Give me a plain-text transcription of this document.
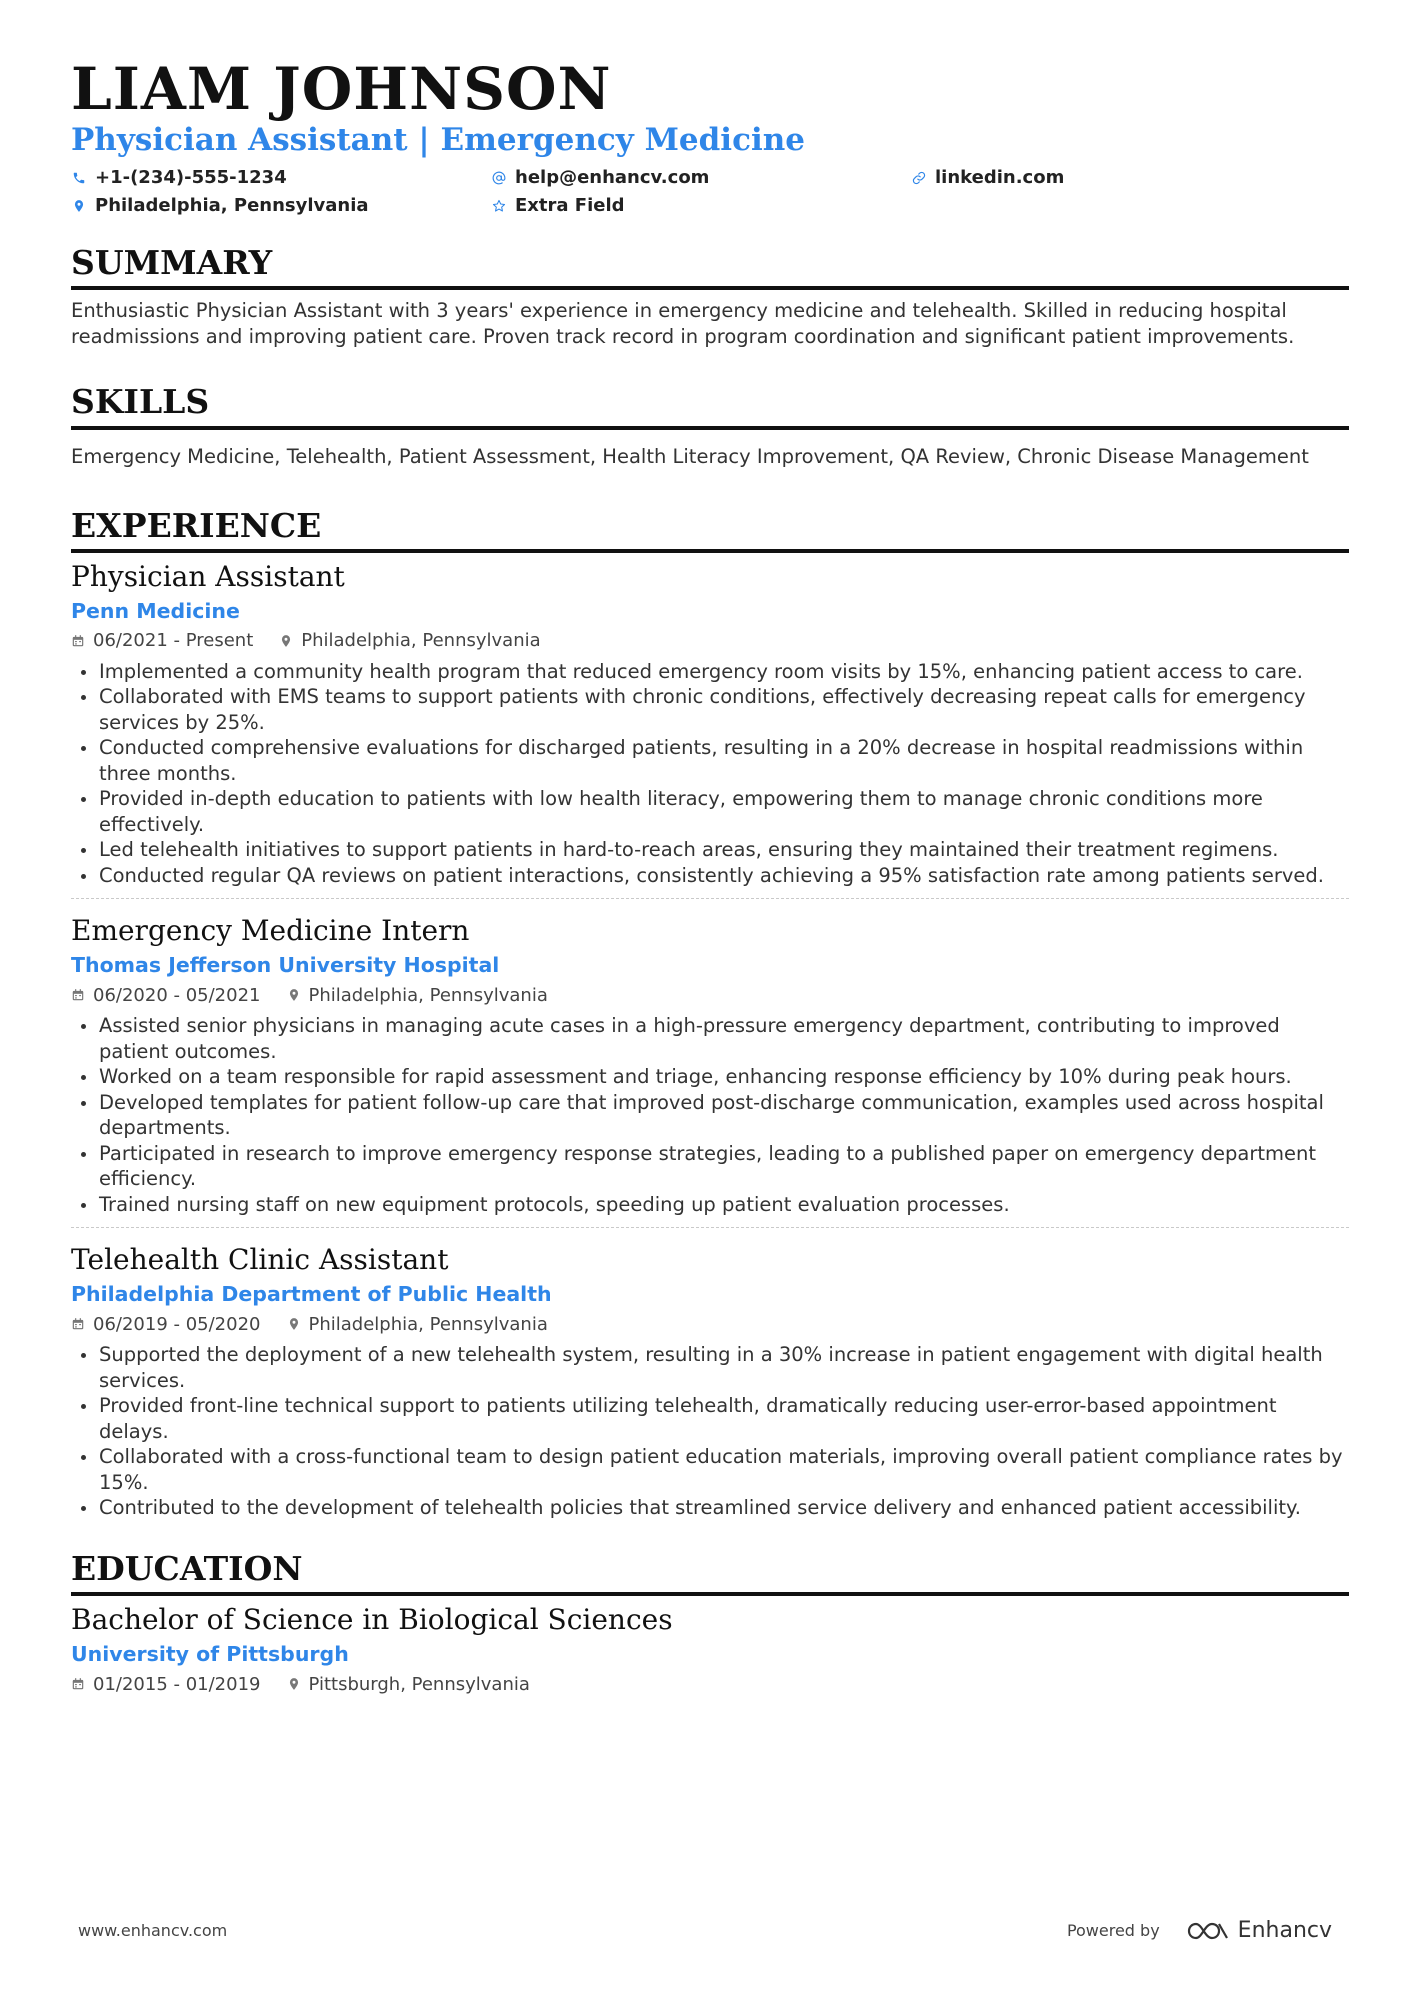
LIAM JOHNSON
Physician Assistant | Emergency Medicine
+1-(234)-555-1234	help@enhancv.com	linkedin.com
Philadelphia, Pennsylvania	Extra Field
SUMMARY
Enthusiastic Physician Assistant with 3 years' experience in emergency medicine and telehealth. Skilled in reducing hospital readmissions and improving patient care. Proven track record in program coordination and significant patient improvements.
SKILLS
Emergency Medicine, Telehealth, Patient Assessment, Health Literacy Improvement, QA Review, Chronic Disease Management
EXPERIENCE
Physician Assistant
Penn Medicine
06/2021 - Present	Philadelphia, Pennsylvania
Implemented a community health program that reduced emergency room visits by 15%, enhancing patient access to care.
Collaborated with EMS teams to support patients with chronic conditions, effectively decreasing repeat calls for emergency services by 25%.
Conducted comprehensive evaluations for discharged patients, resulting in a 20% decrease in hospital readmissions within three months.
Provided in-depth education to patients with low health literacy, empowering them to manage chronic conditions more effectively.
Led telehealth initiatives to support patients in hard-to-reach areas, ensuring they maintained their treatment regimens.
Conducted regular QA reviews on patient interactions, consistently achieving a 95% satisfaction rate among patients served.
Emergency Medicine Intern
Thomas Jefferson University Hospital
06/2020 - 05/2021	Philadelphia, Pennsylvania
Assisted senior physicians in managing acute cases in a high-pressure emergency department, contributing to improved patient outcomes.
Worked on a team responsible for rapid assessment and triage, enhancing response efficiency by 10% during peak hours.
Developed templates for patient follow-up care that improved post-discharge communication, examples used across hospital departments.
Participated in research to improve emergency response strategies, leading to a published paper on emergency department efficiency.
Trained nursing staff on new equipment protocols, speeding up patient evaluation processes.
Telehealth Clinic Assistant
Philadelphia Department of Public Health
06/2019 - 05/2020	Philadelphia, Pennsylvania
Supported the deployment of a new telehealth system, resulting in a 30% increase in patient engagement with digital health services.
Provided front-line technical support to patients utilizing telehealth, dramatically reducing user-error-based appointment delays.
Collaborated with a cross-functional team to design patient education materials, improving overall patient compliance rates by 15%.
Contributed to the development of telehealth policies that streamlined service delivery and enhanced patient accessibility.
EDUCATION
Bachelor of Science in Biological Sciences
University of Pittsburgh
01/2015 - 01/2019	Pittsburgh, Pennsylvania
www.enhancv.com	Powered by	Enhancv
